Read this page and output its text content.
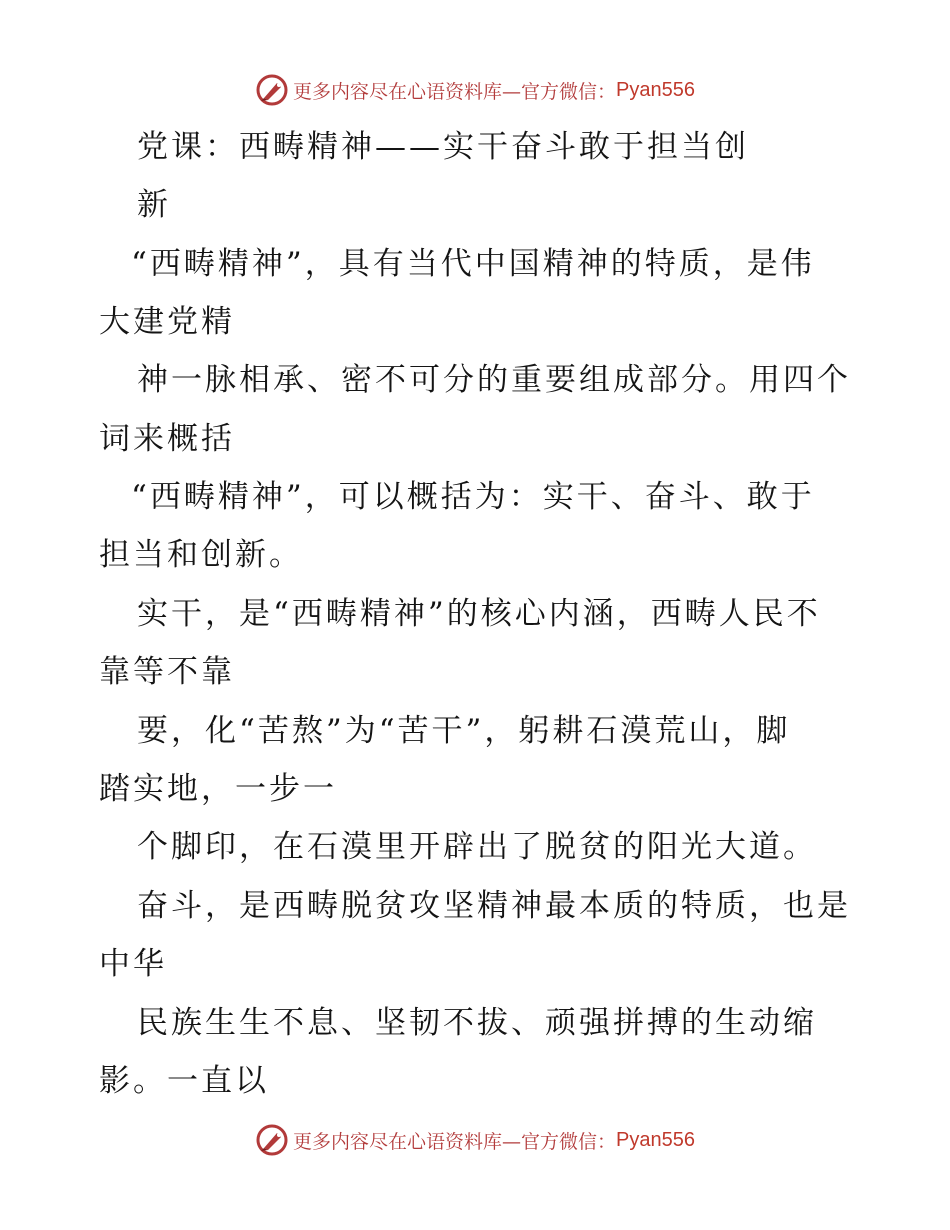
更多内容尽在心语资料库—官方微信： Pyan556
党课：西畴精神——实干奋斗敢于担当创
新
“西畴精神”，具有当代中国精神的特质，是伟
大建党精
神一脉相承、密不可分的重要组成部分。用四个
词来概括
“西畴精神”，可以概括为：实干、奋斗、敢于
担当和创新。
实干，是“西畴精神”的核心内涵，西畴人民不
靠等不靠
要，化“苦熬”为“苦干”，躬耕石漠荒山，脚
踏实地，一步一
个脚印，在石漠里开辟出了脱贫的阳光大道。
奋斗，是西畴脱贫攻坚精神最本质的特质，也是
中华
民族生生不息、坚韧不拔、顽强拼搏的生动缩
影。一直以
更多内容尽在心语资料库—官方微信： Pyan556
